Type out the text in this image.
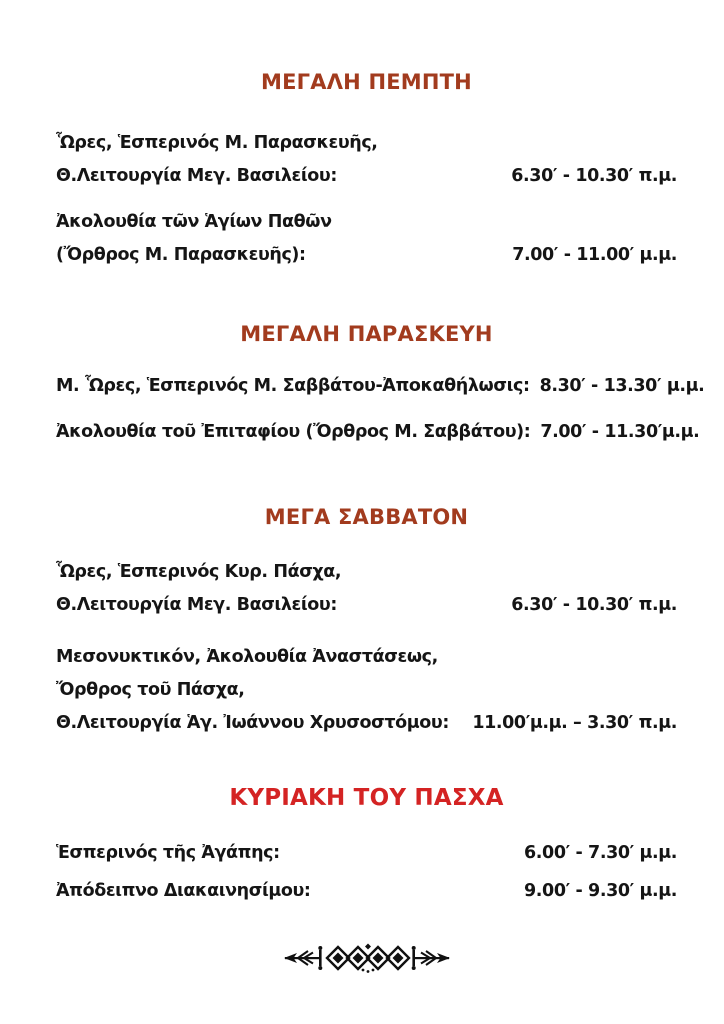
ΜΕΓΑΛΗ ΠΕΜΠΤΗ
Ὧρες, Ἑσπερινός Μ. Παρασκευῆς,
Θ.Λειτουργία Μεγ. Βασιλείου:	6.30′ - 10.30′ π.μ.
Ἀκολουθία τῶν Ἁγίων Παθῶν
(Ὄρθρος Μ. Παρασκευῆς):	7.00′ - 11.00′ μ.μ.
ΜΕΓΑΛΗ ΠΑΡΑΣΚΕΥΗ
Μ. Ὧρες, Ἑσπερινός Μ. Σαββάτου-Ἀποκαθήλωσις: 8.30′ - 13.30′ μ.μ.
Ἀκολουθία τοῦ Ἐπιταφίου (Ὄρθρος Μ. Σαββάτου): 7.00′ - 11.30′μ.μ.
ΜΕΓΑ ΣΑΒΒΑΤΟΝ
Ὧρες, Ἑσπερινός Κυρ. Πάσχα,
Θ.Λειτουργία Μεγ. Βασιλείου:	6.30′ - 10.30′ π.μ.
Μεσονυκτικόν, Ἀκολουθία Ἀναστάσεως,
Ὄρθρος τοῦ Πάσχα,
Θ.Λειτουργία Ἁγ. Ἰωάννου Χρυσοστόμου: 11.00′μ.μ. – 3.30′ π.μ.
ΚΥΡΙΑΚΗ ΤΟΥ ΠΑΣΧΑ
Ἑσπερινός τῆς Ἀγάπης:	6.00′ - 7.30′ μ.μ.
Ἀπόδειπνο Διακαινησίμου:	9.00′ - 9.30′ μ.μ.
